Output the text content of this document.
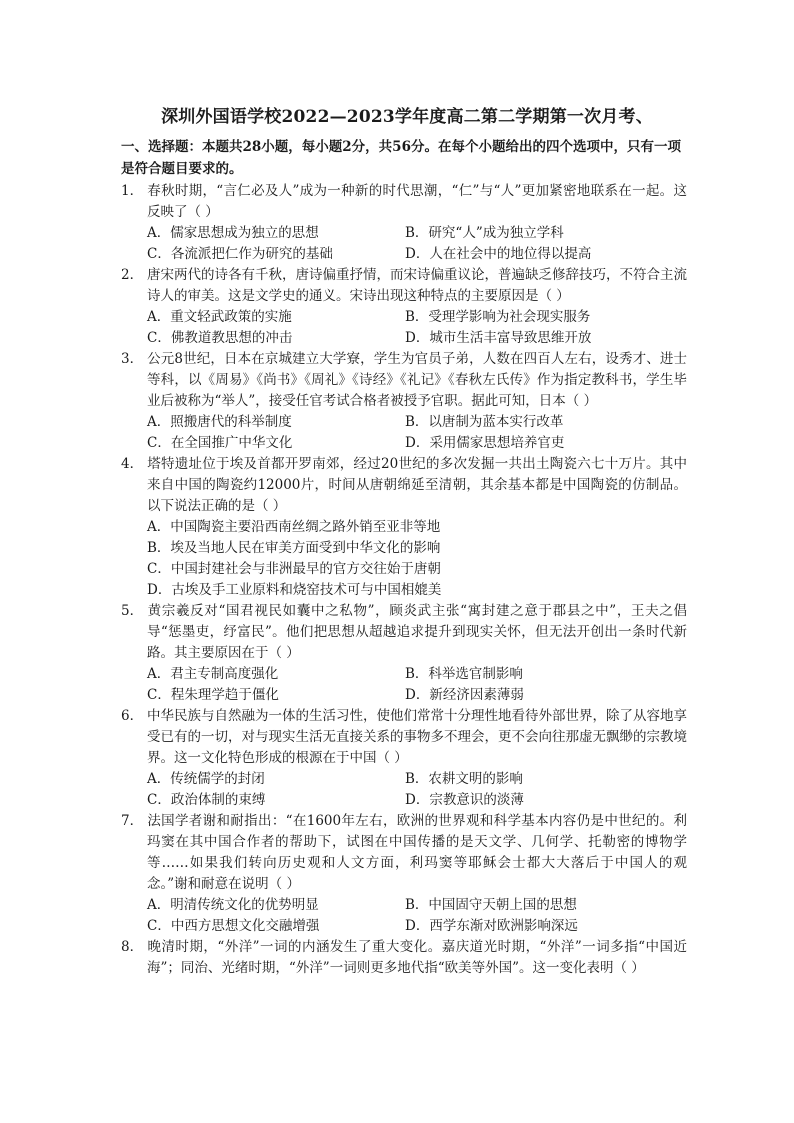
深圳外国语学校2022—2023学年度高二第二学期第一次月考、
一、选择题：本题共28小题，每小题2分，共56分。在每个小题给出的四个选项中，只有一项是符合题目要求的。
1． 春秋时期，“言仁必及人”成为一种新的时代思潮，“仁”与“人”更加紧密地联系在一起。这反映了（ ）
A．儒家思想成为独立的思想	B．研究“人”成为独立学科
C．各流派把仁作为研究的基础	D．人在社会中的地位得以提高
2． 唐宋两代的诗各有千秋，唐诗偏重抒情，而宋诗偏重议论，普遍缺乏修辞技巧，不符合主流诗人的审美。这是文学史的通义。宋诗出现这种特点的主要原因是（ ）
A．重文轻武政策的实施	B．受理学影响为社会现实服务
C．佛教道教思想的冲击	D．城市生活丰富导致思维开放
3． 公元8世纪，日本在京城建立大学寮，学生为官员子弟，人数在四百人左右，设秀才、进士等科，以《周易》《尚书》《周礼》《诗经》《礼记》《春秋左氏传》作为指定教科书，学生毕业后被称为“举人”，接受任官考试合格者被授予官职。据此可知，日本（ ）
A．照搬唐代的科举制度	B．以唐制为蓝本实行改革
C．在全国推广中华文化	D．采用儒家思想培养官吏
4． 塔特遗址位于埃及首都开罗南郊，经过20世纪的多次发掘一共出土陶瓷六七十万片。其中来自中国的陶瓷约12000片，时间从唐朝绵延至清朝，其余基本都是中国陶瓷的仿制品。以下说法正确的是（ ）
A．中国陶瓷主要沿西南丝绸之路外销至亚非等地
B．埃及当地人民在审美方面受到中华文化的影响
C．中国封建社会与非洲最早的官方交往始于唐朝
D．古埃及手工业原料和烧窑技术可与中国相媲美
5． 黄宗羲反对“国君视民如囊中之私物”，顾炎武主张“寓封建之意于郡县之中”，王夫之倡导“惩墨吏，纾富民”。他们把思想从超越追求提升到现实关怀，但无法开创出一条时代新路。其主要原因在于（ ）
A．君主专制高度强化	B．科举选官制影响
C．程朱理学趋于僵化	D．新经济因素薄弱
6． 中华民族与自然融为一体的生活习性，使他们常常十分理性地看待外部世界，除了从容地享受已有的一切，对与现实生活无直接关系的事物多不理会，更不会向往那虚无飘缈的宗教境界。这一文化特色形成的根源在于中国（ ）
A．传统儒学的封闭	B．农耕文明的影响
C．政治体制的束缚	D．宗教意识的淡薄
7． 法国学者谢和耐指出：“在1600年左右，欧洲的世界观和科学基本内容仍是中世纪的。利玛窦在其中国合作者的帮助下，试图在中国传播的是天文学、几何学、托勒密的博物学等……如果我们转向历史观和人文方面，利玛窦等耶稣会士都大大落后于中国人的观念。”谢和耐意在说明（ ）
A．明清传统文化的优势明显	B．中国固守天朝上国的思想
C．中西方思想文化交融增强	D．西学东渐对欧洲影响深远
8． 晚清时期，“外洋”一词的内涵发生了重大变化。嘉庆道光时期，“外洋”一词多指“中国近海”；同治、光绪时期，“外洋”一词则更多地代指“欧美等外国”。这一变化表明（ ）
